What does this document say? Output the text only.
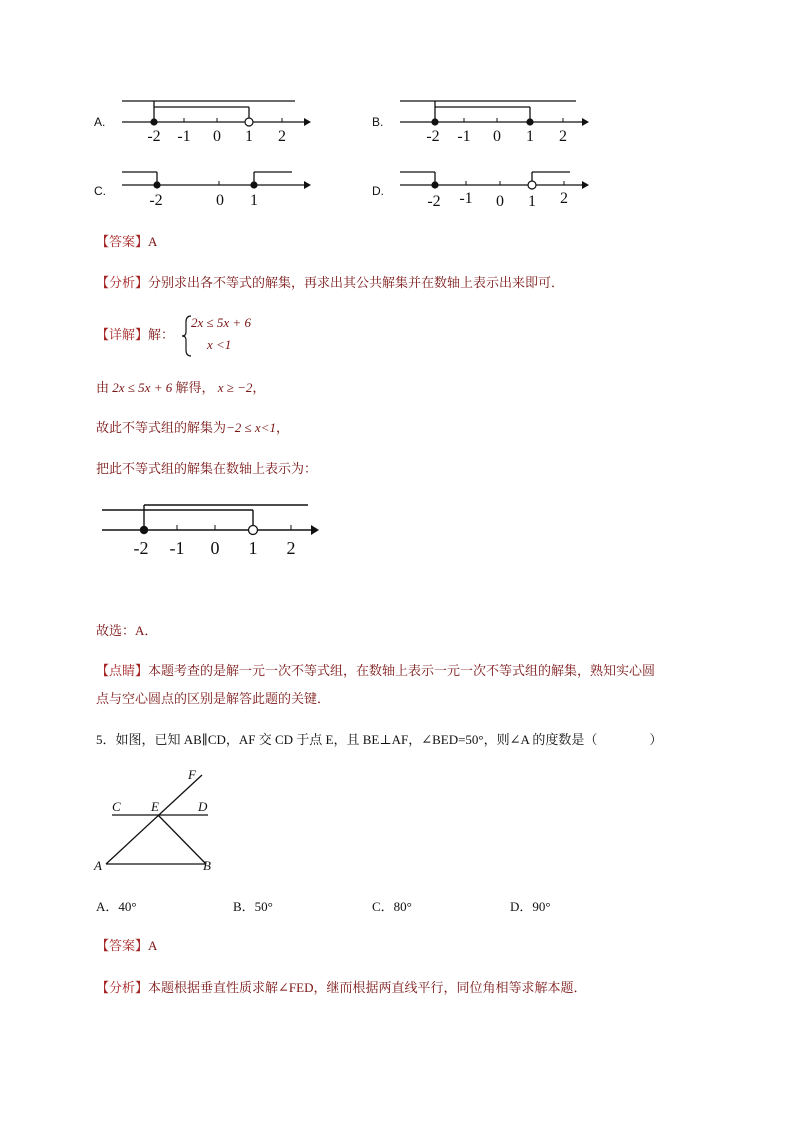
A.
-2 -1 0 1 2
B.
-2 -1 0 1 2
C.
-2	0 1
D.
-2 -1 0 1 2
【答案】A
【分析】分别求出各不等式的解集，再求出其公共解集并在数轴上表示出来即可．
【详解】解：
2x ≤ 5x + 6
x <1
由 2x ≤ 5x + 6 解得， x ≥ −2，
故此不等式组的解集为−2 ≤ x<1，
把此不等式组的解集在数轴上表示为：
-2 -1 0 1 2
故选：A．
【点睛】本题考查的是解一元一次不等式组，在数轴上表示一元一次不等式组的解集，熟知实心圆
点与空心圆点的区别是解答此题的关键．
5．如图，已知 AB∥CD，AF 交 CD 于点 E，且 BE⊥AF，∠BED=50°，则∠A 的度数是（　　　　）
F
C E	D
A	B
A．40°	B．50°	C．80°	D．90°
【答案】A
【分析】本题根据垂直性质求解∠FED，继而根据两直线平行，同位角相等求解本题．
